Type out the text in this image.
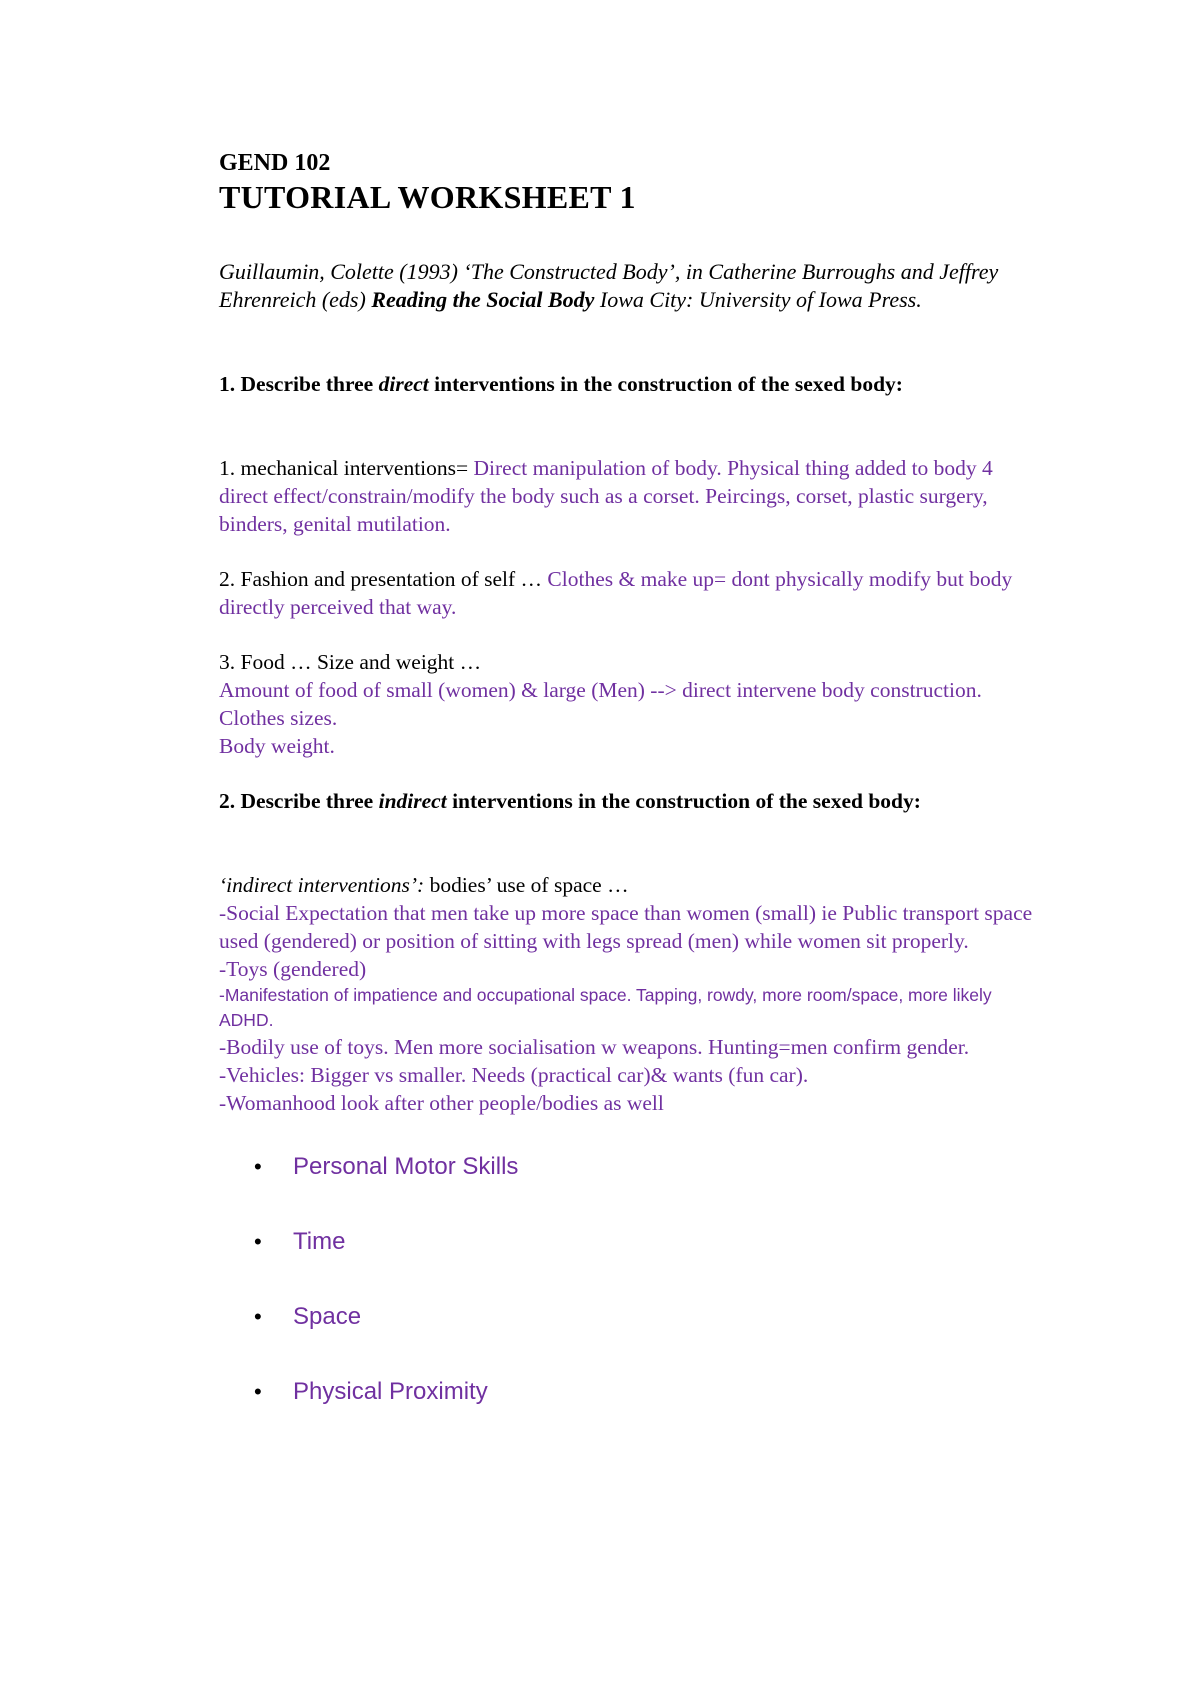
GEND 102

TUTORIAL WORKSHEET 1

Guillaumin, Colette (1993) ‘The Constructed Body’, in Catherine Burroughs and Jeffrey Ehrenreich (eds) Reading the Social Body Iowa City: University of Iowa Press.

1. Describe three direct interventions in the construction of the sexed body:

1. mechanical interventions= Direct manipulation of body. Physical thing added to body 4 direct effect/constrain/modify the body such as a corset. Peircings, corset, plastic surgery, binders, genital mutilation.

2. Fashion and presentation of self … Clothes & make up= dont physically modify but body directly perceived that way.

3. Food … Size and weight …

Amount of food of small (women) & large (Men) --> direct intervene body construction.

Clothes sizes.

Body weight.

2. Describe three indirect interventions in the construction of the sexed body:

‘indirect interventions’: bodies’ use of space …

-Social Expectation that men take up more space than women (small) ie Public transport space used (gendered) or position of sitting with legs spread (men) while women sit properly.

-Toys (gendered)

-Manifestation of impatience and occupational space. Tapping, rowdy, more room/space, more likely ADHD.

-Bodily use of toys. Men more socialisation w weapons. Hunting=men confirm gender.

-Vehicles: Bigger vs smaller. Needs (practical car)& wants (fun car).

-Womanhood look after other people/bodies as well

• Personal Motor Skills
• Time
• Space
• Physical Proximity
